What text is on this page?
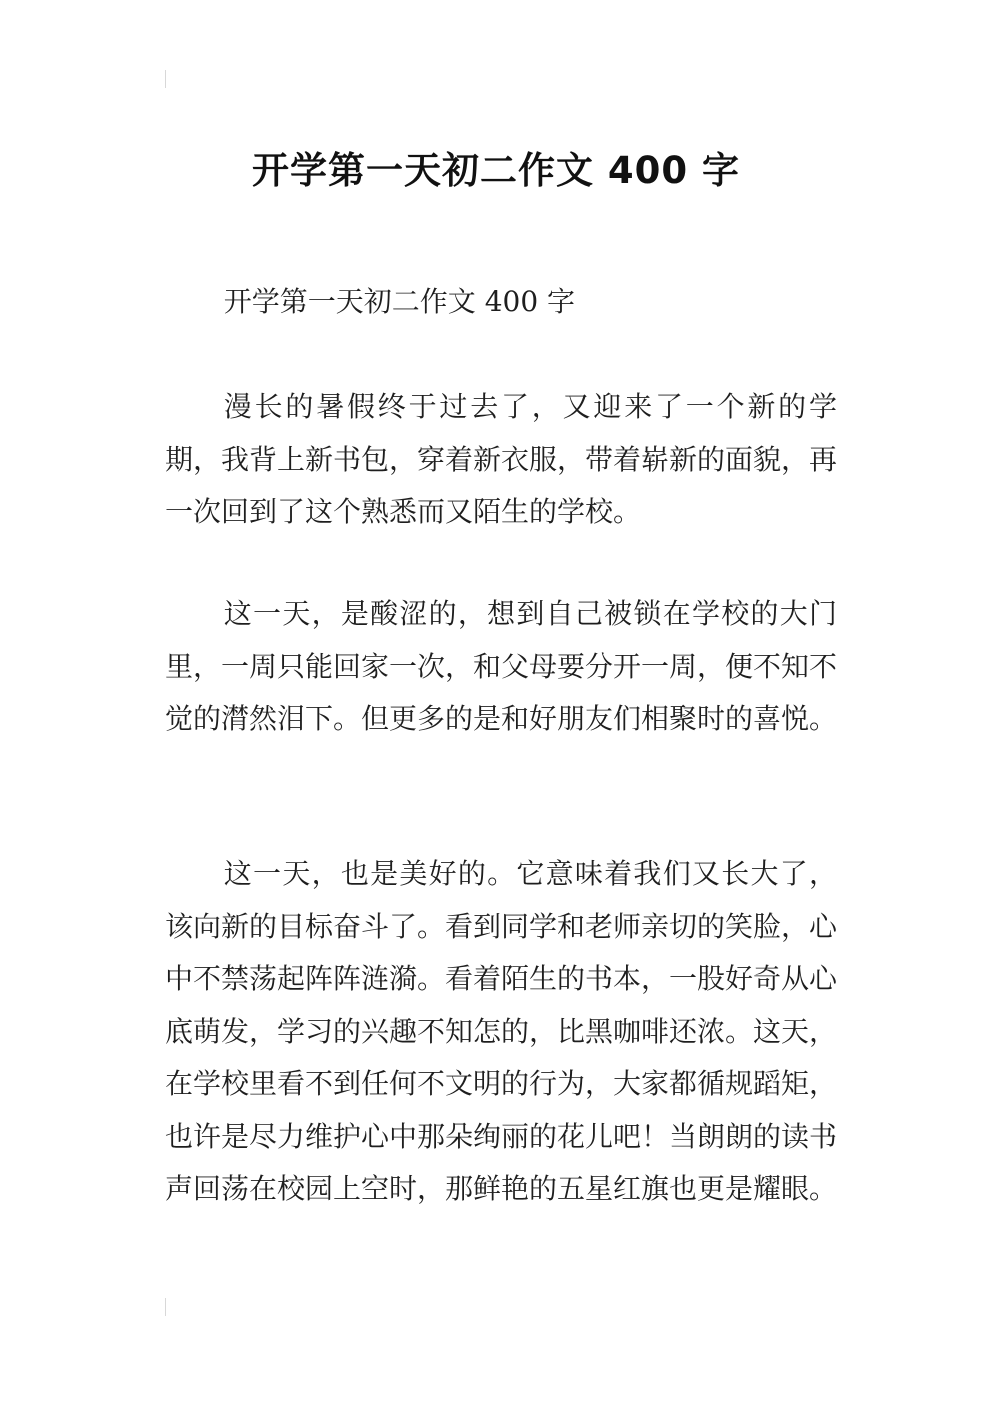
开学第一天初二作文 400 字

开学第一天初二作文 400 字

漫长的暑假终于过去了，又迎来了一个新的学期，我背上新书包，穿着新衣服，带着崭新的面貌，再一次回到了这个熟悉而又陌生的学校。

这一天，是酸涩的，想到自己被锁在学校的大门里，一周只能回家一次，和父母要分开一周，便不知不觉的潸然泪下。但更多的是和好朋友们相聚时的喜悦。

这一天，也是美好的。它意味着我们又长大了，该向新的目标奋斗了。看到同学和老师亲切的笑脸，心中不禁荡起阵阵涟漪。看着陌生的书本，一股好奇从心底萌发，学习的兴趣不知怎的，比黑咖啡还浓。这天，在学校里看不到任何不文明的行为，大家都循规蹈矩，也许是尽力维护心中那朵绚丽的花儿吧！当朗朗的读书声回荡在校园上空时，那鲜艳的五星红旗也更是耀眼。
